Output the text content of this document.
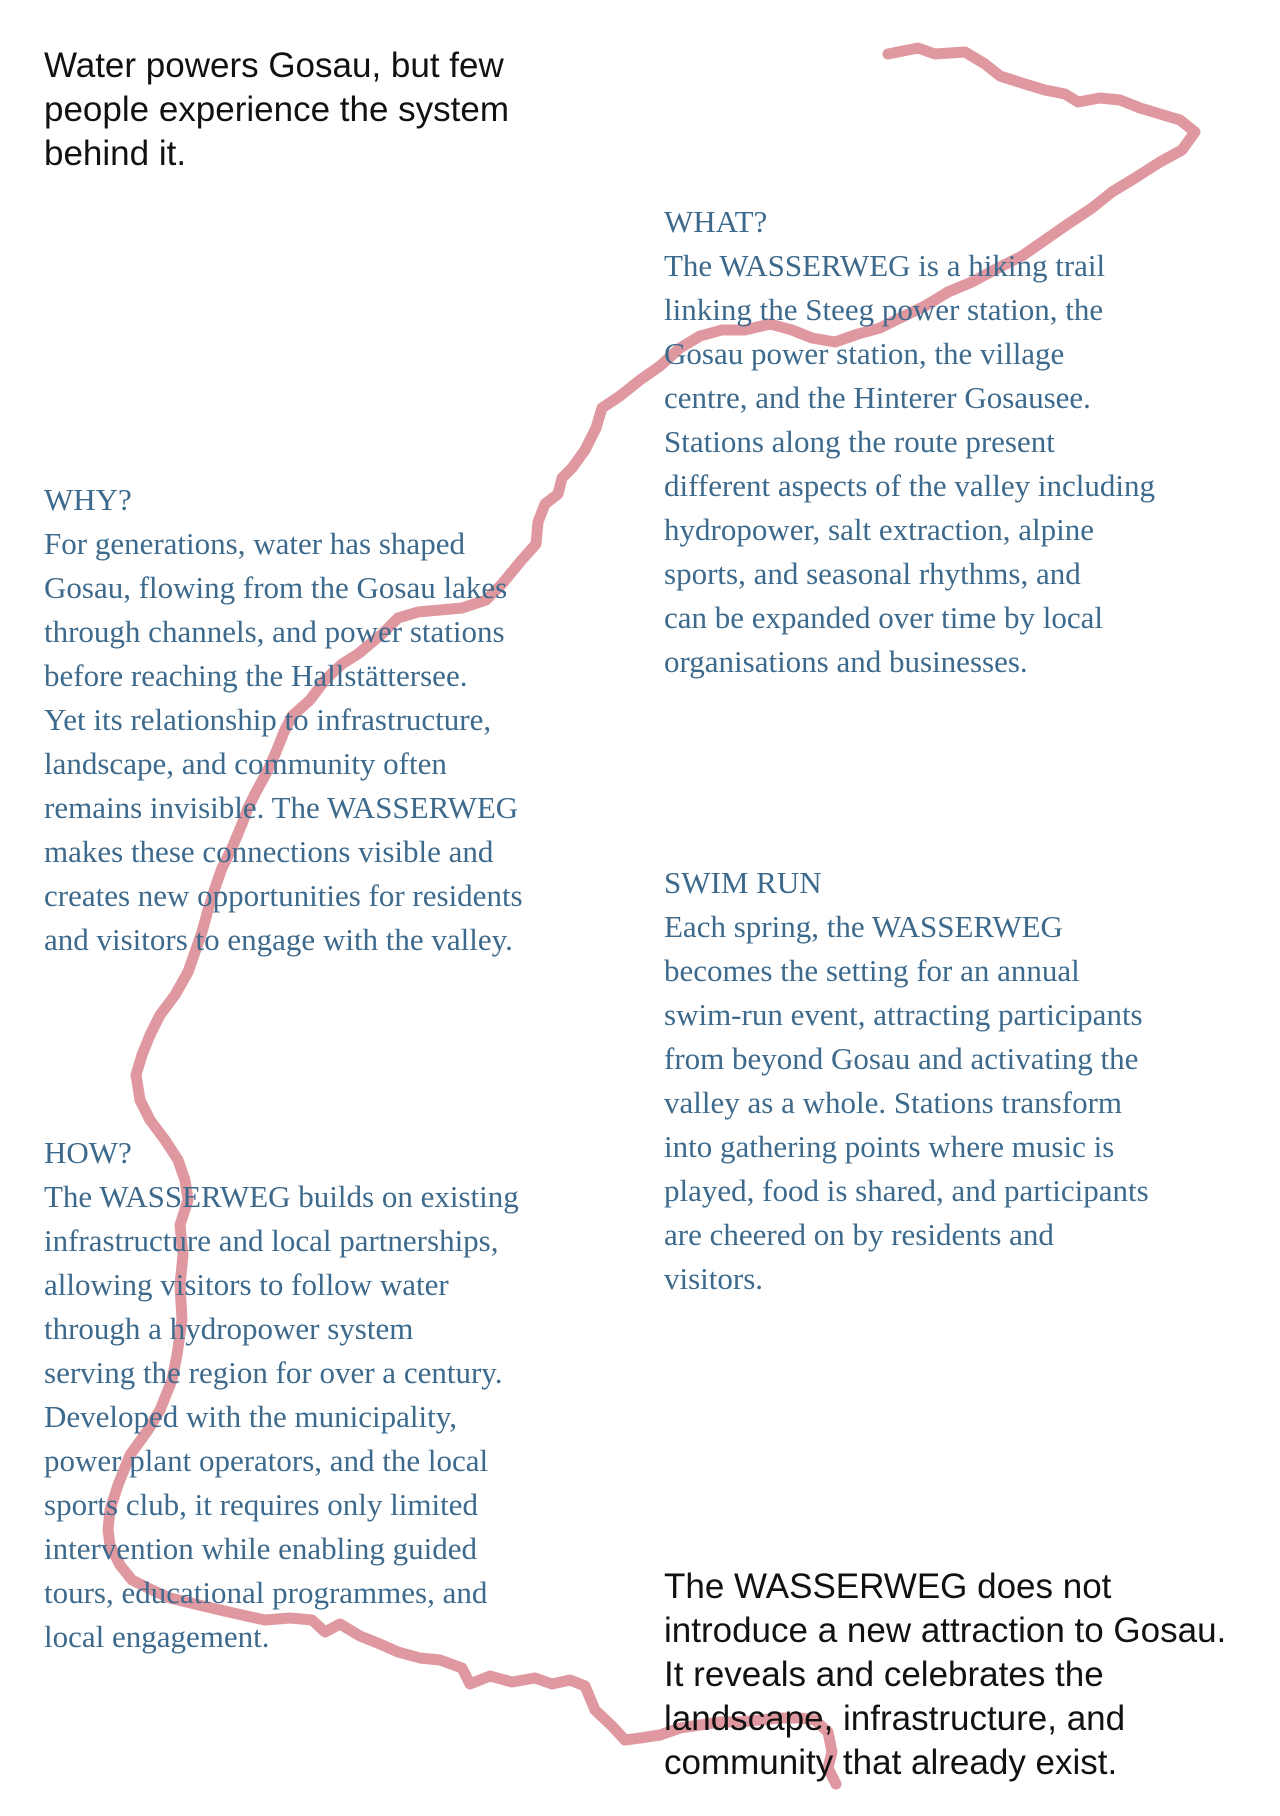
Water powers Gosau, but few people experience the system behind it.

WHY?

For generations, water has shaped
Gosau, flowing from the Gosau lakes
through channels, and power stations
before reaching the Hallstättersee.
Yet its relationship to infrastructure,
landscape, and community often
remains invisible. The WASSERWEG
makes these connections visible and
creates new opportunities for residents
and visitors to engage with the valley.

WHAT?

The WASSERWEG is a hiking trail
linking the Steeg power station, the
Gosau power station, the village
centre, and the Hinterer Gosausee.
Stations along the route present
different aspects of the valley including
hydropower, salt extraction, alpine
sports, and seasonal rhythms, and
can be expanded over time by local
organisations and businesses.

SWIM RUN

Each spring, the WASSERWEG
becomes the setting for an annual
swim-run event, attracting participants
from beyond Gosau and activating the
valley as a whole. Stations transform
into gathering points where music is
played, food is shared, and participants
are cheered on by residents and
visitors.

HOW?

The WASSERWEG builds on existing
infrastructure and local partnerships,
allowing visitors to follow water
through a hydropower system
serving the region for over a century.
Developed with the municipality,
power plant operators, and the local
sports club, it requires only limited
intervention while enabling guided
tours, educational programmes, and
local engagement.

The WASSERWEG does not introduce a new attraction to Gosau. It reveals and celebrates the landscape, infrastructure, and community that already exist.
